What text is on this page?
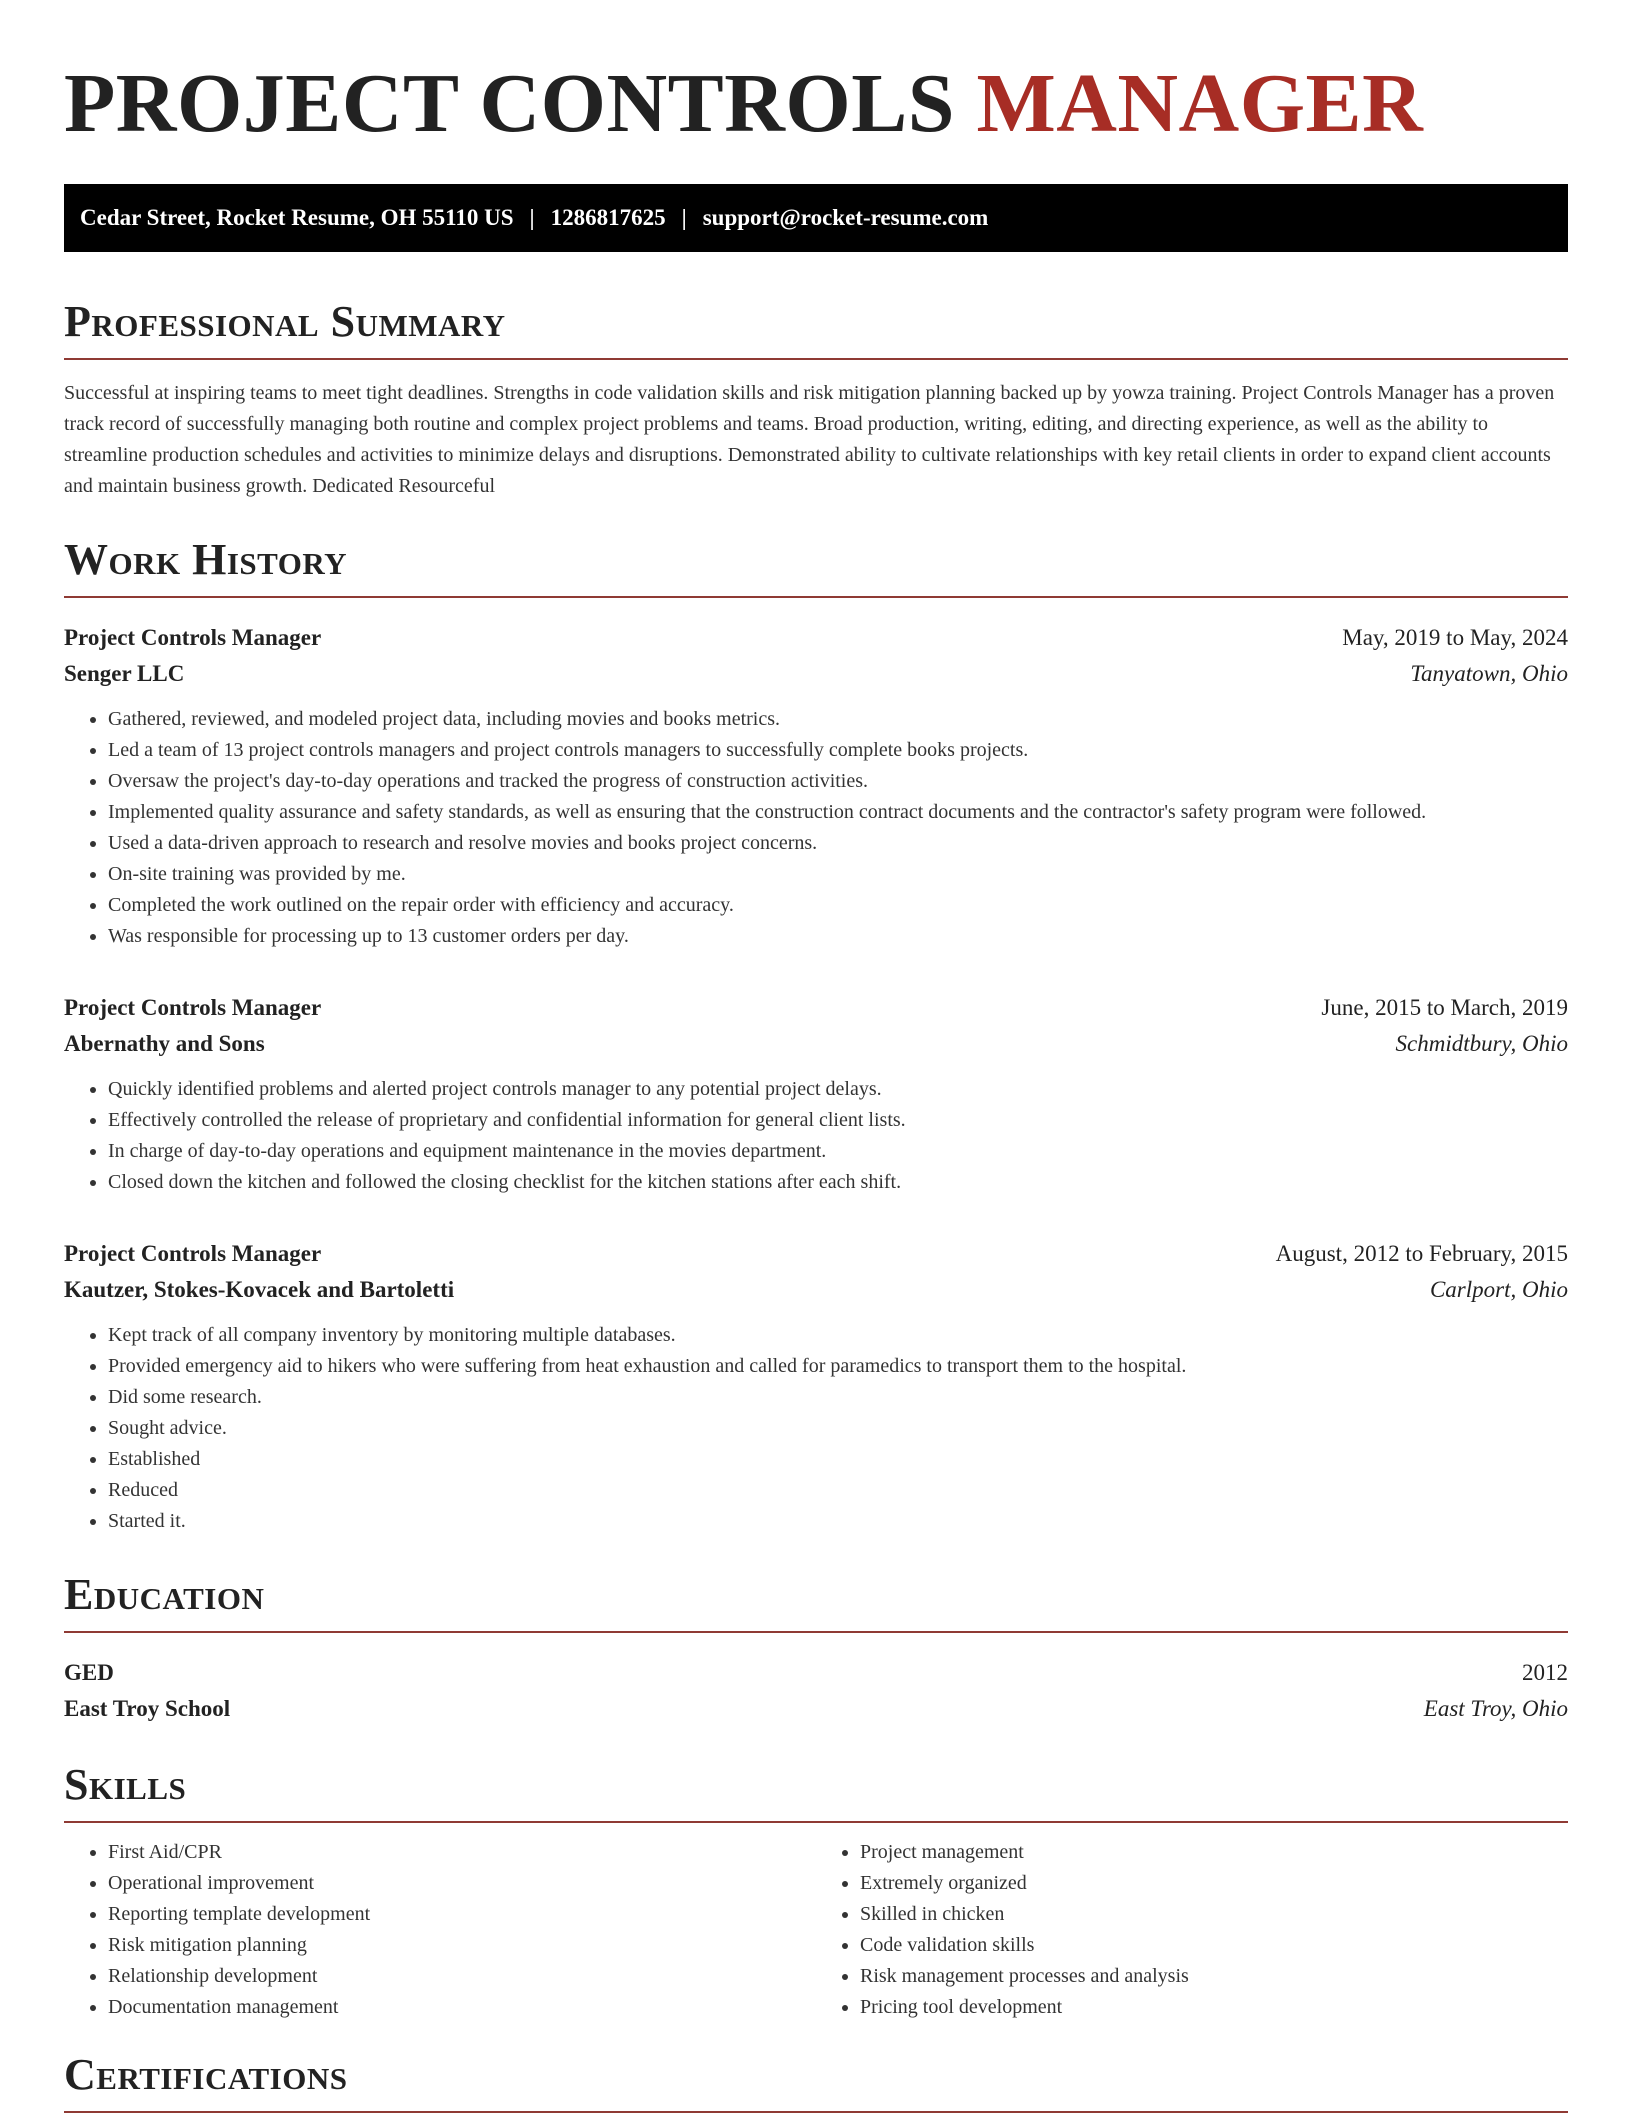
PROJECT CONTROLS MANAGER
Cedar Street, Rocket Resume, OH 55110 US | 1286817625 | support@rocket-resume.com
Professional Summary

Successful at inspiring teams to meet tight deadlines. Strengths in code validation skills and risk mitigation planning backed up by yowza training. Project Controls Manager has a proven track record of successfully managing both routine and complex project problems and teams. Broad production, writing, editing, and directing experience, as well as the ability to streamline production schedules and activities to minimize delays and disruptions. Demonstrated ability to cultivate relationships with key retail clients in order to expand client accounts and maintain business growth. Dedicated Resourceful

Work History
Project Controls Manager	May, 2019 to May, 2024
Senger LLC	Tanyatown, Ohio
• Gathered, reviewed, and modeled project data, including movies and books metrics.
• Led a team of 13 project controls managers and project controls managers to successfully complete books projects.
• Oversaw the project's day-to-day operations and tracked the progress of construction activities.
• Implemented quality assurance and safety standards, as well as ensuring that the construction contract documents and the contractor's safety program were followed.
• Used a data-driven approach to research and resolve movies and books project concerns.
• On-site training was provided by me.
• Completed the work outlined on the repair order with efficiency and accuracy.
• Was responsible for processing up to 13 customer orders per day.
Project Controls Manager	June, 2015 to March, 2019
Abernathy and Sons	Schmidtbury, Ohio
• Quickly identified problems and alerted project controls manager to any potential project delays.
• Effectively controlled the release of proprietary and confidential information for general client lists.
• In charge of day-to-day operations and equipment maintenance in the movies department.
• Closed down the kitchen and followed the closing checklist for the kitchen stations after each shift.
Project Controls Manager	August, 2012 to February, 2015
Kautzer, Stokes-Kovacek and Bartoletti	Carlport, Ohio
• Kept track of all company inventory by monitoring multiple databases.
• Provided emergency aid to hikers who were suffering from heat exhaustion and called for paramedics to transport them to the hospital.
• Did some research.
• Sought advice.
• Established
• Reduced
• Started it.
Education
GED	2012
East Troy School	East Troy, Ohio
Skills
• First Aid/CPR
• Operational improvement
• Reporting template development
• Risk mitigation planning
• Relationship development
• Documentation management
• Project management
• Extremely organized
• Skilled in chicken
• Code validation skills
• Risk management processes and analysis
• Pricing tool development
Certifications
